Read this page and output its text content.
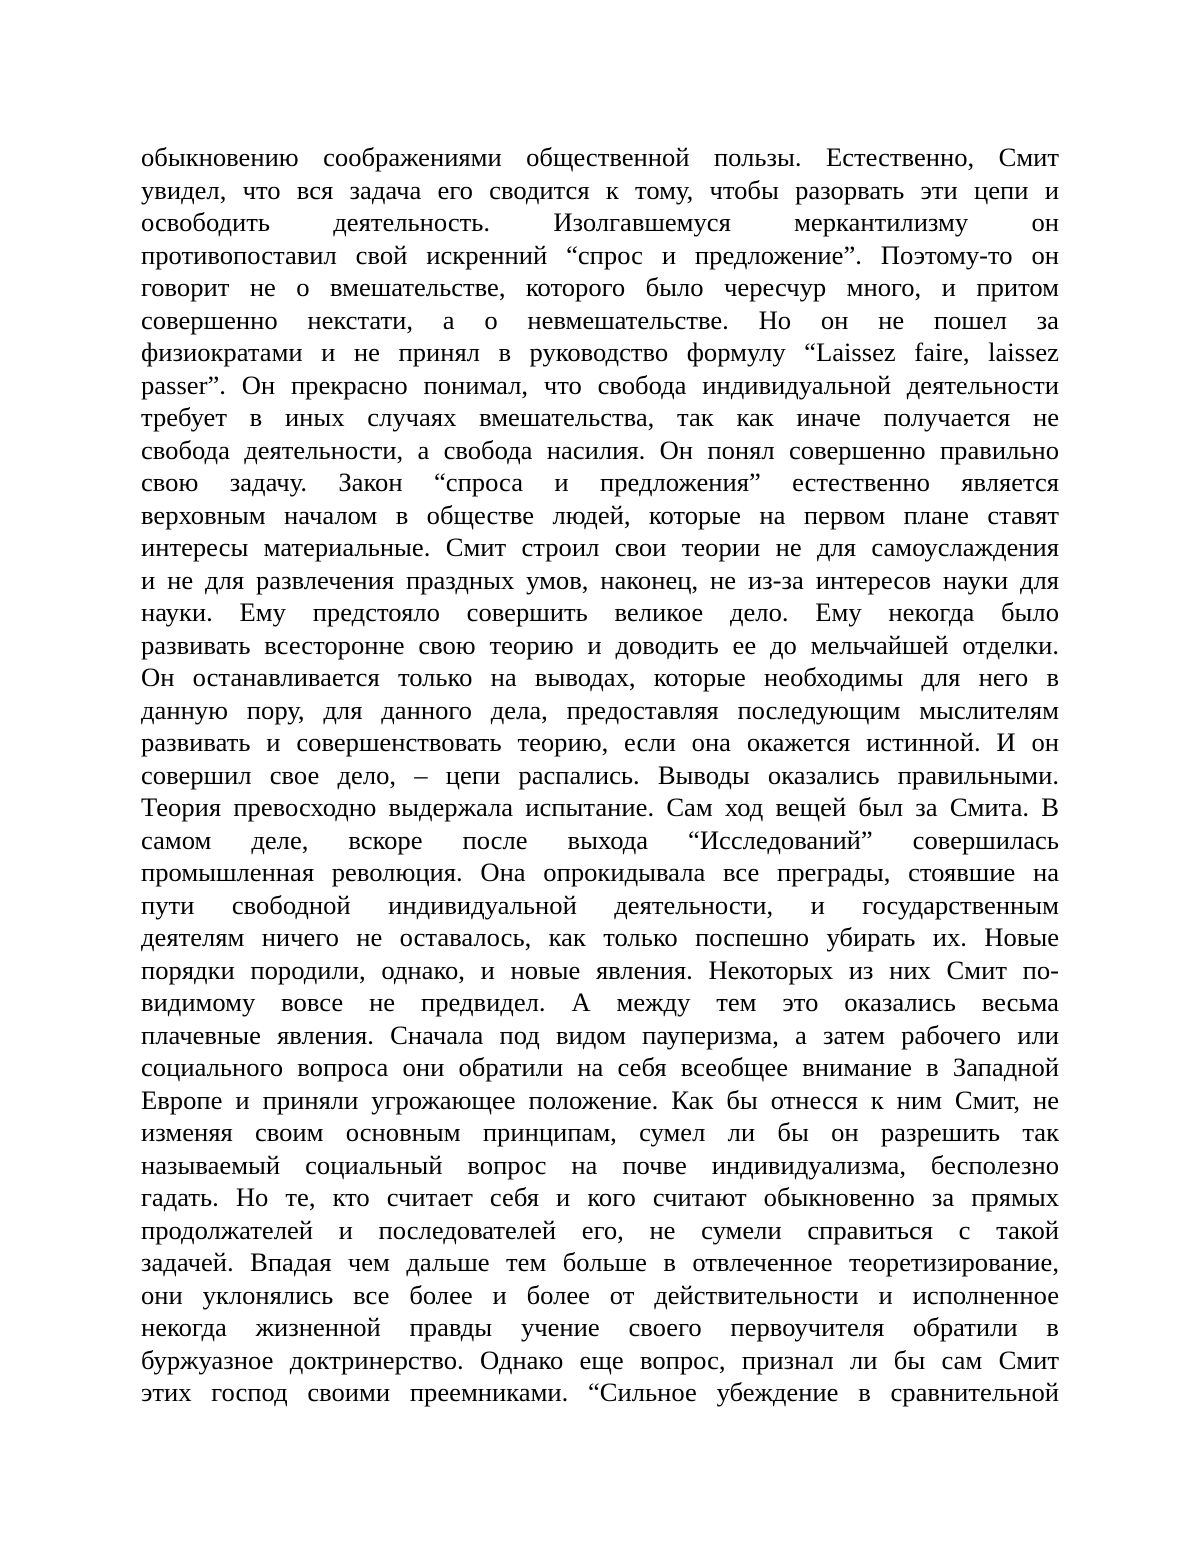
обыкновению соображениями общественной пользы. Естественно, Смит
увидел, что вся задача его сводится к тому, чтобы разорвать эти цепи и
освободить деятельность. Изолгавшемуся меркантилизму он
противопоставил свой искренний “спрос и предложение”. Поэтому-то он
говорит не о вмешательстве, которого было чересчур много, и притом
совершенно некстати, а о невмешательстве. Но он не пошел за
физиократами и не принял в руководство формулу “Laissez faire, laissez
passer”. Он прекрасно понимал, что свобода индивидуальной деятельности
требует в иных случаях вмешательства, так как иначе получается не
свобода деятельности, а свобода насилия. Он понял совершенно правильно
свою задачу. Закон “спроса и предложения” естественно является
верховным началом в обществе людей, которые на первом плане ставят
интересы материальные. Смит строил свои теории не для самоуслаждения
и не для развлечения праздных умов, наконец, не из-за интересов науки для
науки. Ему предстояло совершить великое дело. Ему некогда было
развивать всесторонне свою теорию и доводить ее до мельчайшей отделки.
Он останавливается только на выводах, которые необходимы для него в
данную пору, для данного дела, предоставляя последующим мыслителям
развивать и совершенствовать теорию, если она окажется истинной. И он
совершил свое дело, – цепи распались. Выводы оказались правильными.
Теория превосходно выдержала испытание. Сам ход вещей был за Смита. В
самом деле, вскоре после выхода “Исследований” совершилась
промышленная революция. Она опрокидывала все преграды, стоявшие на
пути свободной индивидуальной деятельности, и государственным
деятелям ничего не оставалось, как только поспешно убирать их. Новые
порядки породили, однако, и новые явления. Некоторых из них Смит по-
видимому вовсе не предвидел. А между тем это оказались весьма
плачевные явления. Сначала под видом пауперизма, а затем рабочего или
социального вопроса они обратили на себя всеобщее внимание в Западной
Европе и приняли угрожающее положение. Как бы отнесся к ним Смит, не
изменяя своим основным принципам, сумел ли бы он разрешить так
называемый социальный вопрос на почве индивидуализма, бесполезно
гадать. Но те, кто считает себя и кого считают обыкновенно за прямых
продолжателей и последователей его, не сумели справиться с такой
задачей. Впадая чем дальше тем больше в отвлеченное теоретизирование,
они уклонялись все более и более от действительности и исполненное
некогда жизненной правды учение своего первоучителя обратили в
буржуазное доктринерство. Однако еще вопрос, признал ли бы сам Смит
этих господ своими преемниками. “Сильное убеждение в сравнительной
